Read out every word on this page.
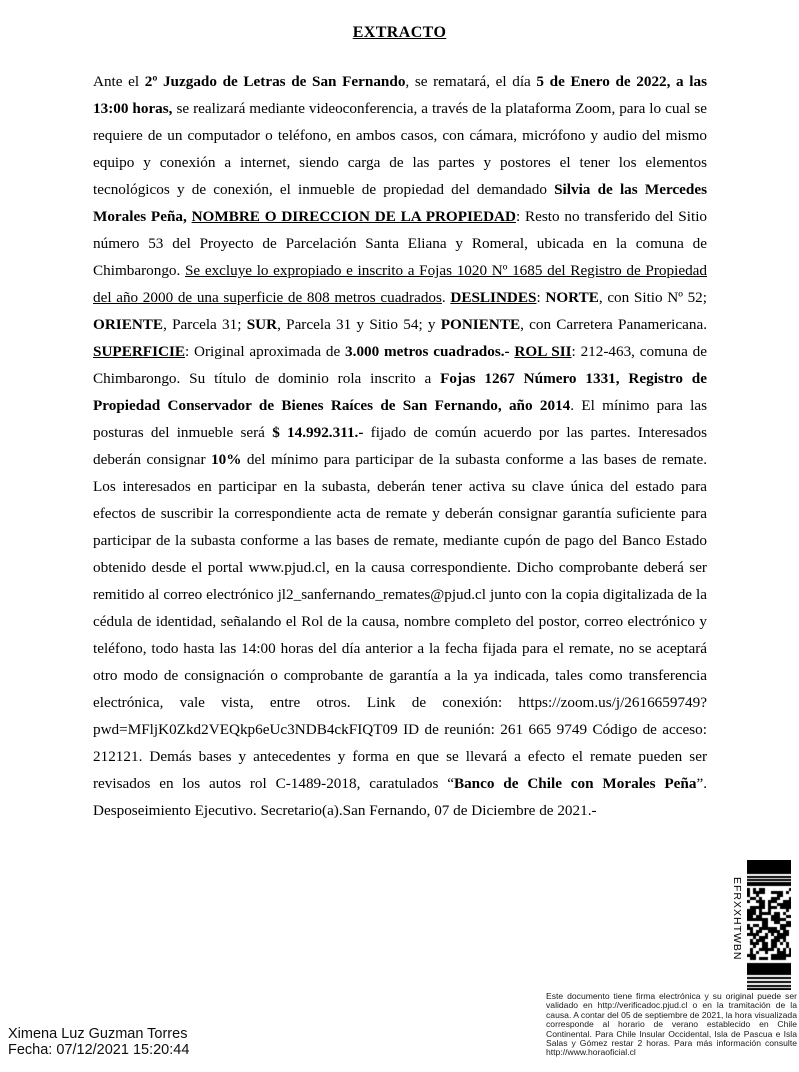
EXTRACTO
Ante el 2º Juzgado de Letras de San Fernando, se rematará, el día 5 de Enero de 2022, a las 13:00 horas, se realizará mediante videoconferencia, a través de la plataforma Zoom, para lo cual se requiere de un computador o teléfono, en ambos casos, con cámara, micrófono y audio del mismo equipo y conexión a internet, siendo carga de las partes y postores el tener los elementos tecnológicos y de conexión, el inmueble de propiedad del demandado Silvia de las Mercedes Morales Peña, NOMBRE O DIRECCION DE LA PROPIEDAD: Resto no transferido del Sitio número 53 del Proyecto de Parcelación Santa Eliana y Romeral, ubicada en la comuna de Chimbarongo. Se excluye lo expropiado e inscrito a Fojas 1020 Nº 1685 del Registro de Propiedad del año 2000 de una superficie de 808 metros cuadrados. DESLINDES: NORTE, con Sitio Nº 52; ORIENTE, Parcela 31; SUR, Parcela 31 y Sitio 54; y PONIENTE, con Carretera Panamericana. SUPERFICIE: Original aproximada de 3.000 metros cuadrados.- ROL SII: 212-463, comuna de Chimbarongo. Su título de dominio rola inscrito a Fojas 1267 Número 1331, Registro de Propiedad Conservador de Bienes Raíces de San Fernando, año 2014. El mínimo para las posturas del inmueble será $ 14.992.311.- fijado de común acuerdo por las partes. Interesados deberán consignar 10% del mínimo para participar de la subasta conforme a las bases de remate. Los interesados en participar en la subasta, deberán tener activa su clave única del estado para efectos de suscribir la correspondiente acta de remate y deberán consignar garantía suficiente para participar de la subasta conforme a las bases de remate, mediante cupón de pago del Banco Estado obtenido desde el portal www.pjud.cl, en la causa correspondiente. Dicho comprobante deberá ser remitido al correo electrónico jl2_sanfernando_remates@pjud.cl junto con la copia digitalizada de la cédula de identidad, señalando el Rol de la causa, nombre completo del postor, correo electrónico y teléfono, todo hasta las 14:00 horas del día anterior a la fecha fijada para el remate, no se aceptará otro modo de consignación o comprobante de garantía a la ya indicada, tales como transferencia electrónica, vale vista, entre otros. Link de conexión: https://zoom.us/j/2616659749?pwd=MFljK0Zkd2VEQkp6eUc3NDB4ckFIQT09 ID de reunión: 261 665 9749 Código de acceso: 212121. Demás bases y antecedentes y forma en que se llevará a efecto el remate pueden ser revisados en los autos rol C-1489-2018, caratulados “Banco de Chile con Morales Peña”. Desposeimiento Ejecutivo. Secretario(a).San Fernando, 07 de Diciembre de 2021.-
EFRXXHTWBN
Este documento tiene firma electrónica y su original puede ser validado en http://verificadoc.pjud.cl o en la tramitación de la causa. A contar del 05 de septiembre de 2021, la hora visualizada corresponde al horario de verano establecido en Chile Continental. Para Chile Insular Occidental, Isla de Pascua e Isla Salas y Gómez restar 2 horas. Para más información consulte http://www.horaoficial.cl
Ximena Luz Guzman Torres
Fecha: 07/12/2021 15:20:44
